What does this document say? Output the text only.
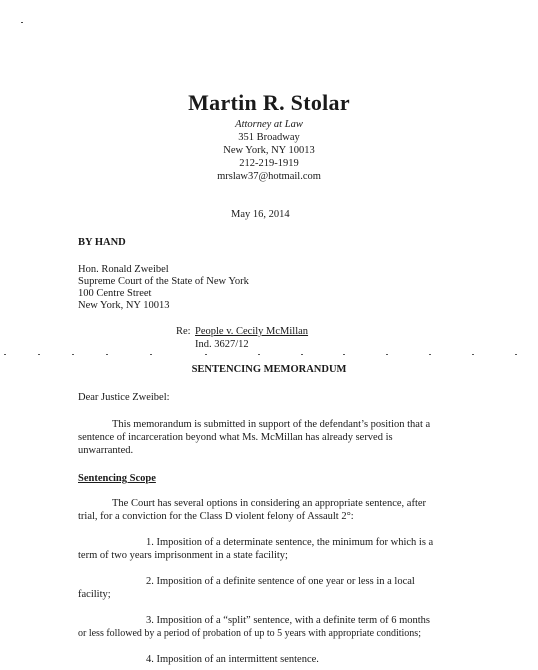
Martin R. Stolar
Attorney at Law
351 Broadway
New York, NY 10013
212-219-1919
mrslaw37@hotmail.com
May 16, 2014
BY HAND
Hon. Ronald Zweibel
Supreme Court of the State of New York
100 Centre Street
New York, NY 10013
Re: People v. Cecily McMillan
Ind. 3627/12
SENTENCING MEMORANDUM
Dear Justice Zweibel:
This memorandum is submitted in support of the defendant’s position that a
sentence of incarceration beyond what Ms. McMillan has already served is
unwarranted.
Sentencing Scope
The Court has several options in considering an appropriate sentence, after
trial, for a conviction for the Class D violent felony of Assault 2°:
1. Imposition of a determinate sentence, the minimum for which is a
term of two years imprisonment in a state facility;
2. Imposition of a definite sentence of one year or less in a local
facility;
3. Imposition of a “split” sentence, with a definite term of 6 months
or less followed by a period of probation of up to 5 years with appropriate conditions;
4. Imposition of an intermittent sentence.
